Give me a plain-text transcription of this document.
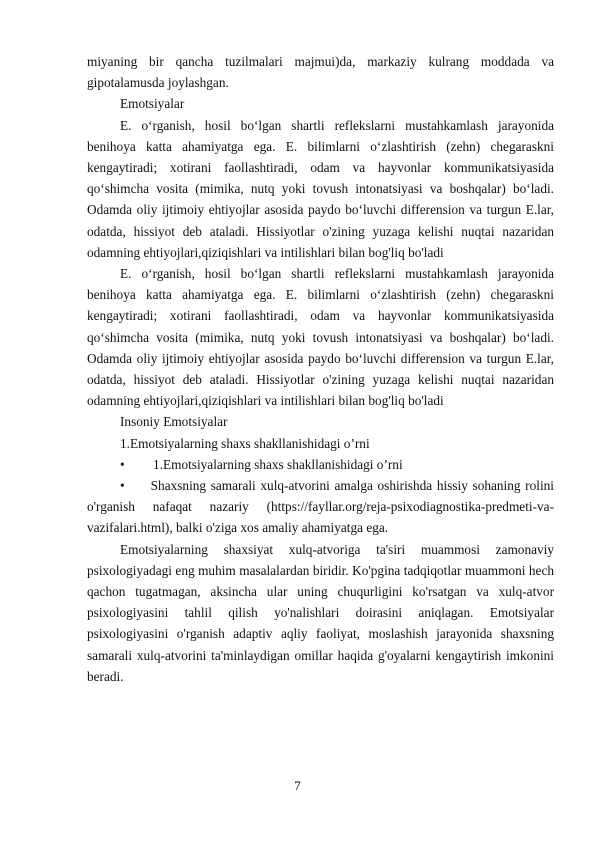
miyaning bir qancha tuzilmalari majmui)da, markaziy kulrang moddada va gipotalamusda joylashgan.

Emotsiyalar

E. o‘rganish, hosil bo‘lgan shartli reflekslarni mustahkamlash jarayonida benihoya katta ahamiyatga ega. E. bilimlarni o‘zlashtirish (zehn) chegaraskni kengaytiradi; xotirani faollashtiradi, odam va hayvonlar kommunikatsiyasida qo‘shimcha vosita (mimika, nutq yoki tovush intonatsiyasi va boshqalar) bo‘ladi. Odamda oliy ijtimoiy ehtiyojlar asosida paydo bo‘luvchi differension va turgun E.lar, odatda, hissiyot deb ataladi. Hissiyotlar o'zining yuzaga kelishi nuqtai nazaridan odamning ehtiyojlari,qiziqishlari va intilishlari bilan bog'liq bo'ladi

E. o‘rganish, hosil bo‘lgan shartli reflekslarni mustahkamlash jarayonida benihoya katta ahamiyatga ega. E. bilimlarni o‘zlashtirish (zehn) chegaraskni kengaytiradi; xotirani faollashtiradi, odam va hayvonlar kommunikatsiyasida qo‘shimcha vosita (mimika, nutq yoki tovush intonatsiyasi va boshqalar) bo‘ladi. Odamda oliy ijtimoiy ehtiyojlar asosida paydo bo‘luvchi differension va turgun E.lar, odatda, hissiyot deb ataladi. Hissiyotlar o'zining yuzaga kelishi nuqtai nazaridan odamning ehtiyojlari,qiziqishlari va intilishlari bilan bog'liq bo'ladi

Insoniy Emotsiyalar

1.Emotsiyalarning shaxs shakllanishidagi o’rni

•	1.Emotsiyalarning shaxs shakllanishidagi o’rni

• Shaxsning samarali xulq-atvorini amalga oshirishda hissiy sohaning rolini o'rganish nafaqat nazariy (https://fayllar.org/reja-psixodiagnostika-predmeti-va-vazifalari.html), balki o'ziga xos amaliy ahamiyatga ega.

Emotsiyalarning shaxsiyat xulq-atvoriga ta'siri muammosi zamonaviy psixologiyadagi eng muhim masalalardan biridir. Ko'pgina tadqiqotlar muammoni hech qachon tugatmagan, aksincha ular uning chuqurligini ko'rsatgan va xulq-atvor psixologiyasini tahlil qilish yo'nalishlari doirasini aniqlagan. Emotsiyalar psixologiyasini o'rganish adaptiv aqliy faoliyat, moslashish jarayonida shaxsning samarali xulq-atvorini ta'minlaydigan omillar haqida g'oyalarni kengaytirish imkonini beradi.

7
